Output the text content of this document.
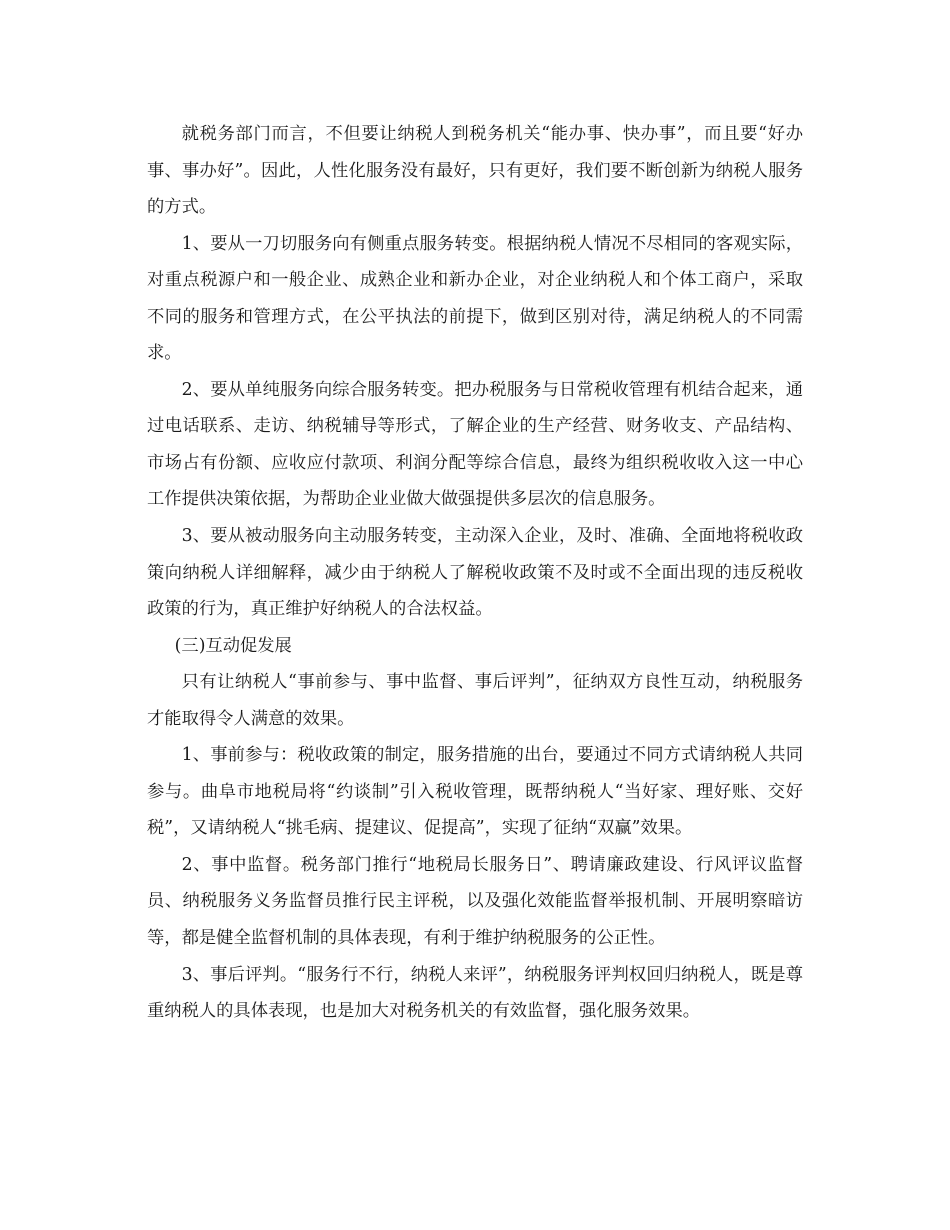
就税务部门而言，不但要让纳税人到税务机关“能办事、快办事”，而且要“好办事、事办好”。因此，人性化服务没有最好，只有更好，我们要不断创新为纳税人服务的方式。

1、要从一刀切服务向有侧重点服务转变。根据纳税人情况不尽相同的客观实际，对重点税源户和一般企业、成熟企业和新办企业，对企业纳税人和个体工商户，采取不同的服务和管理方式，在公平执法的前提下，做到区别对待，满足纳税人的不同需求。

2、要从单纯服务向综合服务转变。把办税服务与日常税收管理有机结合起来，通过电话联系、走访、纳税辅导等形式，了解企业的生产经营、财务收支、产品结构、市场占有份额、应收应付款项、利润分配等综合信息，最终为组织税收收入这一中心工作提供决策依据，为帮助企业业做大做强提供多层次的信息服务。

3、要从被动服务向主动服务转变，主动深入企业，及时、准确、全面地将税收政策向纳税人详细解释，减少由于纳税人了解税收政策不及时或不全面出现的违反税收政策的行为，真正维护好纳税人的合法权益。

(三)互动促发展

只有让纳税人“事前参与、事中监督、事后评判”，征纳双方良性互动，纳税服务才能取得令人满意的效果。

1、事前参与：税收政策的制定，服务措施的出台，要通过不同方式请纳税人共同参与。曲阜市地税局将“约谈制”引入税收管理，既帮纳税人“当好家、理好账、交好税”，又请纳税人“挑毛病、提建议、促提高”，实现了征纳“双赢”效果。

2、事中监督。税务部门推行“地税局长服务日”、聘请廉政建设、行风评议监督员、纳税服务义务监督员推行民主评税，以及强化效能监督举报机制、开展明察暗访等，都是健全监督机制的具体表现，有利于维护纳税服务的公正性。

3、事后评判。“服务行不行，纳税人来评”，纳税服务评判权回归纳税人，既是尊重纳税人的具体表现，也是加大对税务机关的有效监督，强化服务效果。
